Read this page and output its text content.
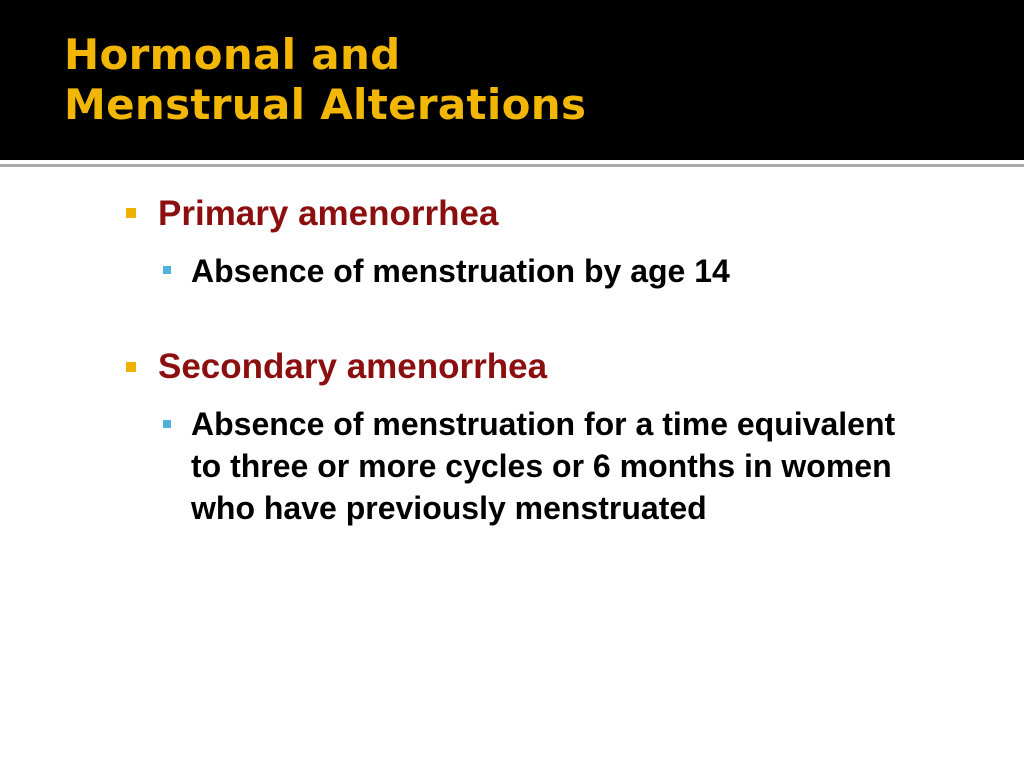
Hormonal and
Menstrual Alterations

Primary amenorrhea

Absence of menstruation by age 14

Secondary amenorrhea

Absence of menstruation for a time equivalent to three or more cycles or 6 months in women who have previously menstruated
